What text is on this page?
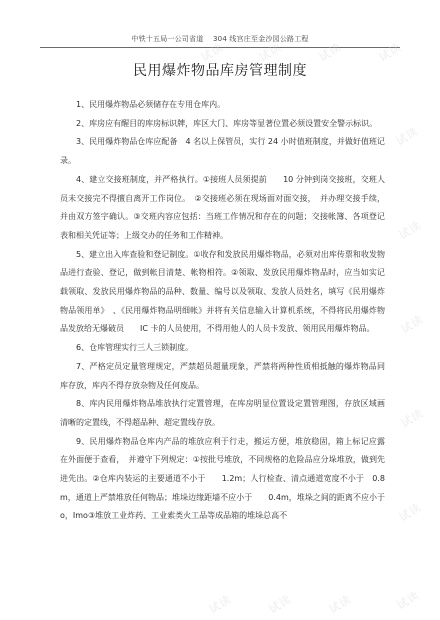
中铁十五局一公司省道　 304 线宫庄至金沙园公路工程
民用爆炸物品库房管理制度

1、民用爆炸物品必须储存在专用仓库内。

2、库房应有醒目的库房标识牌，库区大门、库房等显著位置必须设置安全警示标识。

3、民用爆炸物品仓库应配备　4 名以上保管员，实行 24 小时值班制度，并做好值班记录。

4、建立交接班制度，并严格执行。①接班人员须提前　　10 分钟到岗交接班，交班人员未交接完不得擅自离开工作岗位。　②交接班必须在现场面对面交接，　并办理交接手续，并由双方签字确认。③交班内容应包括：当班工作情况和存在的问题；交接帐簿、各项登记表和相关凭证等；上级交办的任务和工作精神。

5、建立出入库查验和登记制度。①收存和发放民用爆炸物品，必须对出库传票和收发物品进行查验、登记，做到帐目清楚、帐物相符。②领取、发放民用爆炸物品时，应当如实记载领取、发放民用爆炸物品的品种、数量、编号以及领取、发放人员姓名，填写《民用爆炸物品领用单》　、《民用爆炸物品明细帐》并将有关信息输入计算机系统，不得将民用爆炸物品发放给无爆破员　　IC 卡的人员使用，不得用他人的人员卡发放、领用民用爆炸物品。

6、仓库管理实行三人三锁制度。

7、严格定员定量管理规定，严禁超员超量现象，严禁将两种性质相抵触的爆炸物品同库存放，库内不得存放杂物及任何废品。

8、库内民用爆炸物品堆放执行定置管理，在库房明显位置设定置管理图，存放区域画清晰的定置线，不得超品种、超定置线存放。

9、民用爆炸物品仓库内产品的堆放应利于行走，搬运方便，堆放稳固，箱上标记应露在外面便于查看，　并遵守下列规定：①按批号堆放，不同规格的危险品应分垛堆放，做到先进先出。②仓库内装运的主要通道不小于　　1.2m；人行检查、清点通道宽度不小于　0.8m，通道上严禁堆放任何物品；堆垛边缘距墙不应小于　　0.4m，堆垛之间的距离不应小于　 o，Imo③堆放工业炸药、工业索类火工品等成品箱的堆垛总高不

试读	试读	试读	试读
试读
试读
试读
试读
试读
试读
试读	试读	试读
